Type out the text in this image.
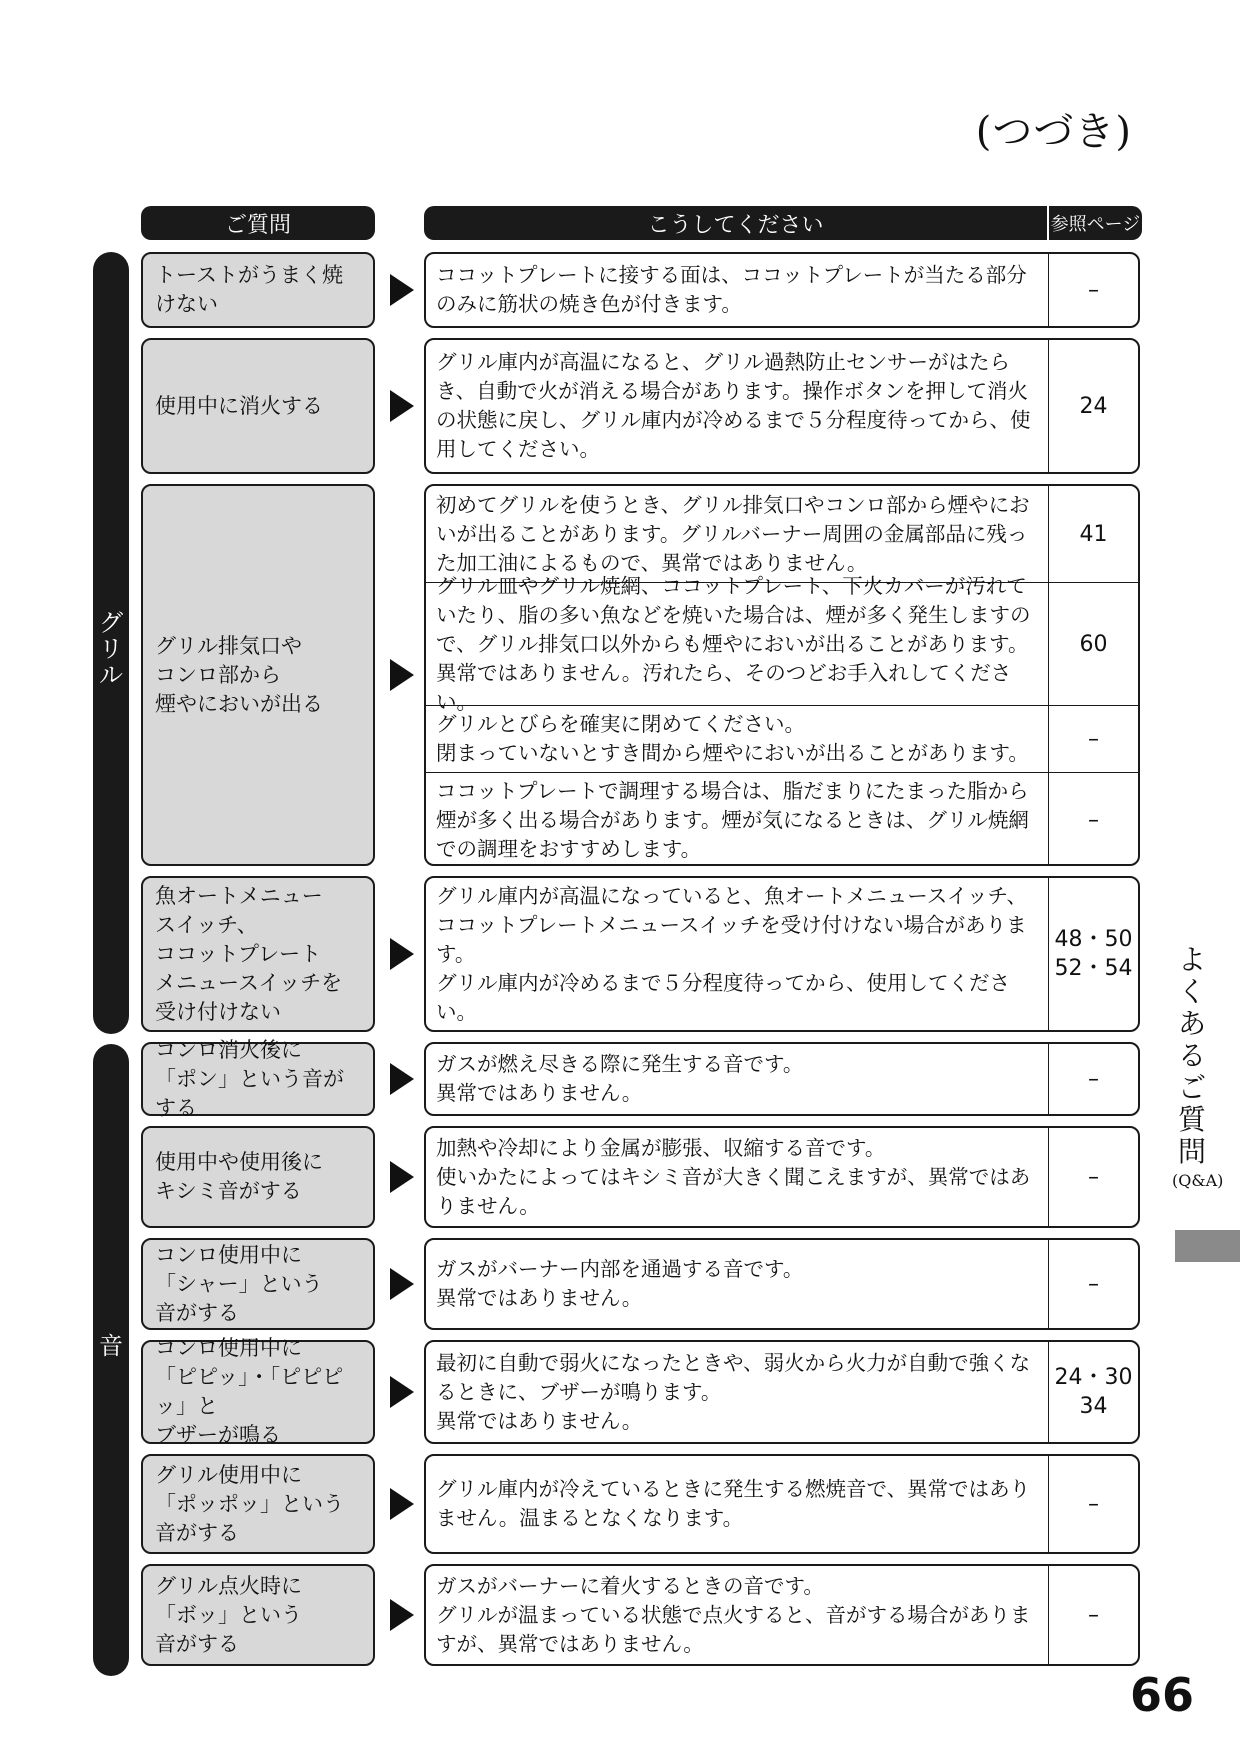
(つづき)
ご質問	こうしてください	参照ページ
グ
リ
ル
音
トーストがうまく焼けない
ココットプレートに接する面は、ココットプレートが当たる部分のみに筋状の焼き色が付きます。
–
使用中に消火する
グリル庫内が高温になると、グリル過熱防止センサーがはたらき、自動で火が消える場合があります。操作ボタンを押して消火の状態に戻し、グリル庫内が冷めるまで５分程度待ってから、使用してください。
24
グリル排気口や
コンロ部から
煙やにおいが出る
初めてグリルを使うとき、グリル排気口やコンロ部から煙やにおいが出ることがあります。グリルバーナー周囲の金属部品に残った加工油によるもので、異常ではありません。
41
グリル皿やグリル焼網、ココットプレート、下火カバーが汚れていたり、脂の多い魚などを焼いた場合は、煙が多く発生しますので、グリル排気口以外からも煙やにおいが出ることがあります。異常ではありません。汚れたら、そのつどお手入れしてください。
60
グリルとびらを確実に閉めてください。
閉まっていないとすき間から煙やにおいが出ることがあります。
–
ココットプレートで調理する場合は、脂だまりにたまった脂から煙が多く出る場合があります。煙が気になるときは、グリル焼網での調理をおすすめします。
–
魚オートメニュー
スイッチ、
ココットプレート
メニュースイッチを
受け付けない
グリル庫内が高温になっていると、魚オートメニュースイッチ、ココットプレートメニュースイッチを受け付けない場合があります。
グリル庫内が冷めるまで５分程度待ってから、使用してください。
48・50
52・54
コンロ消火後に
「ポン」という音がする
ガスが燃え尽きる際に発生する音です。
異常ではありません。
–
使用中や使用後に
キシミ音がする
加熱や冷却により金属が膨張、収縮する音です。
使いかたによってはキシミ音が大きく聞こえますが、異常ではありません。
–
コンロ使用中に
「シャー」という
音がする
ガスがバーナー内部を通過する音です。
異常ではありません。
–
コンロ使用中に
「ピピッ」・「ピピピッ」と
ブザーが鳴る
最初に自動で弱火になったときや、弱火から火力が自動で強くなるときに、ブザーが鳴ります。
異常ではありません。
24・30
34
グリル使用中に
「ポッポッ」という
音がする
グリル庫内が冷えているときに発生する燃焼音で、異常ではありません。温まるとなくなります。
–
グリル点火時に
「ボッ」という
音がする
ガスがバーナーに着火するときの音です。
グリルが温まっている状態で点火すると、音がする場合がありますが、異常ではありません。
–
よ
く
あ
る
ご
質
問
(Q&A)
66
